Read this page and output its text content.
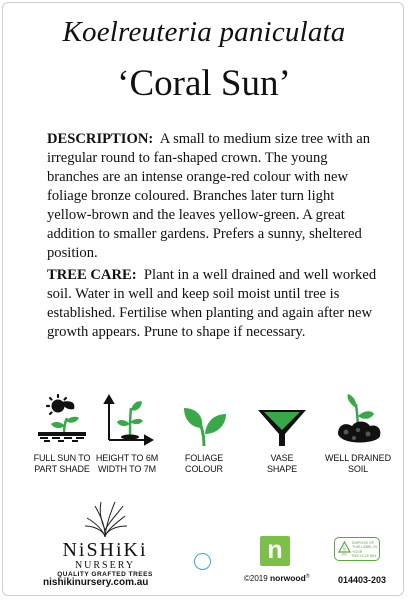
Koelreuteria paniculata
‘Coral Sun’
DESCRIPTION: A small to medium size tree with an irregular round to fan-shaped crown. The young branches are an intense orange-red colour with new foliage bronze coloured. Branches later turn light yellow-brown and the leaves yellow-green. A great addition to smaller gardens. Prefers a sunny, sheltered position.
TREE CARE: Plant in a well drained and well worked soil. Water in well and keep soil moist until tree is established. Fertilise when planting and again after new growth appears. Prune to shape if necessary.
FULL SUN TO
PART SHADE
HEIGHT TO 6M
WIDTH TO 7M
FOLIAGE
COLOUR
VASE
SHAPE
WELL DRAINED
SOIL
NiSHiKi
NURSERY
QUALITY GRAFTED TREES
nishikinursery.com.au
n
©2019 norwood®
5
PP
DISPOSE OF THIS LABEL IN YOUR RECYCLE BIN
014403-203
